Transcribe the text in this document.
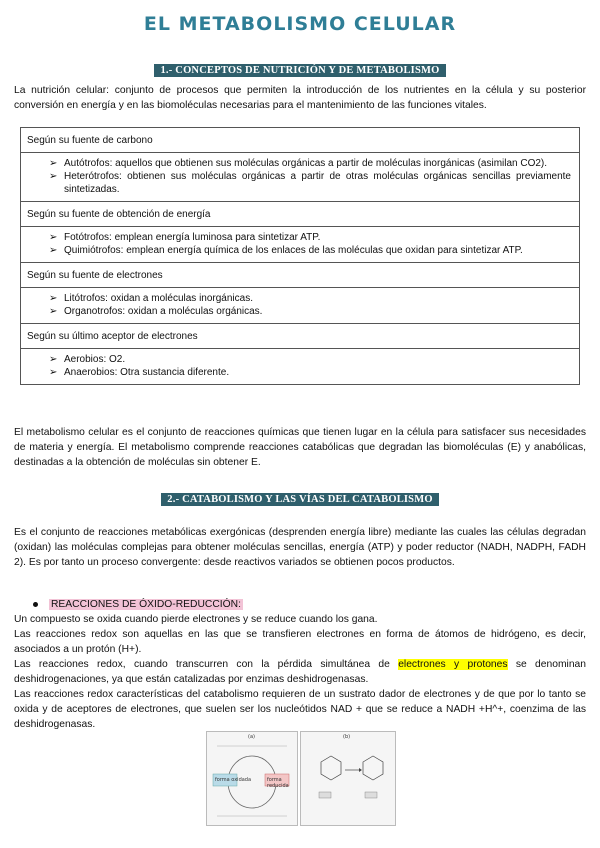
EL METABOLISMO CELULAR
1.- CONCEPTOS DE NUTRICIÓN Y DE METABOLISMO
La nutrición celular: conjunto de procesos que permiten la introducción de los nutrientes en la célula y su posterior conversión en energía y en las biomoléculas necesarias para el mantenimiento de las funciones vitales.
Según su fuente de carbono

➢ Autótrofos: aquellos que obtienen sus moléculas orgánicas a partir de moléculas inorgánicas (asimilan CO2).
➢ Heterótrofos: obtienen sus moléculas orgánicas a partir de otras moléculas orgánicas sencillas previamente sintetizadas.

Según su fuente de obtención de energía

➢ Fotótrofos: emplean energía luminosa para sintetizar ATP.
➢ Quimiótrofos: emplean energía química de los enlaces de las moléculas que oxidan para sintetizar ATP.

Según su fuente de electrones

➢ Litótrofos: oxidan a moléculas inorgánicas.
➢ Organotrofos: oxidan a moléculas orgánicas.

Según su último aceptor de electrones

➢ Aerobios: O2.
➢ Anaerobios: Otra sustancia diferente.
El metabolismo celular es el conjunto de reacciones químicas que tienen lugar en la célula para satisfacer sus necesidades de materia y energía. El metabolismo comprende reacciones catabólicas que degradan las biomoléculas (E) y anabólicas, destinadas a la obtención de moléculas sin obtener E.
2.- CATABOLISMO Y LAS VÍAS DEL CATABOLISMO
Es el conjunto de reacciones metabólicas exergónicas (desprenden energía libre) mediante las cuales las células degradan (oxidan) las moléculas complejas para obtener moléculas sencillas, energía (ATP) y poder reductor (NADH, NADPH, FADH 2). Es por tanto un proceso convergente: desde reactivos variados se obtienen pocos productos.
REACCIONES DE ÓXIDO-REDUCCIÓN:
Un compuesto se oxida cuando pierde electrones y se reduce cuando los gana.
Las reacciones redox son aquellas en las que se transfieren electrones en forma de átomos de hidrógeno, es decir, asociados a un protón (H+).
Las reacciones redox, cuando transcurren con la pérdida simultánea de electrones y protones se denominan deshidrogenaciones, ya que están catalizadas por enzimas deshidrogenasas.
Las reacciones redox características del catabolismo requieren de un sustrato dador de electrones y de que por lo tanto se oxida y de aceptores de electrones, que suelen ser los nucleótidos NAD + que se reduce a NADH +H^+, coenzima de las deshidrogenasas.
(a)
forma oxidada	forma reducida
(b)
